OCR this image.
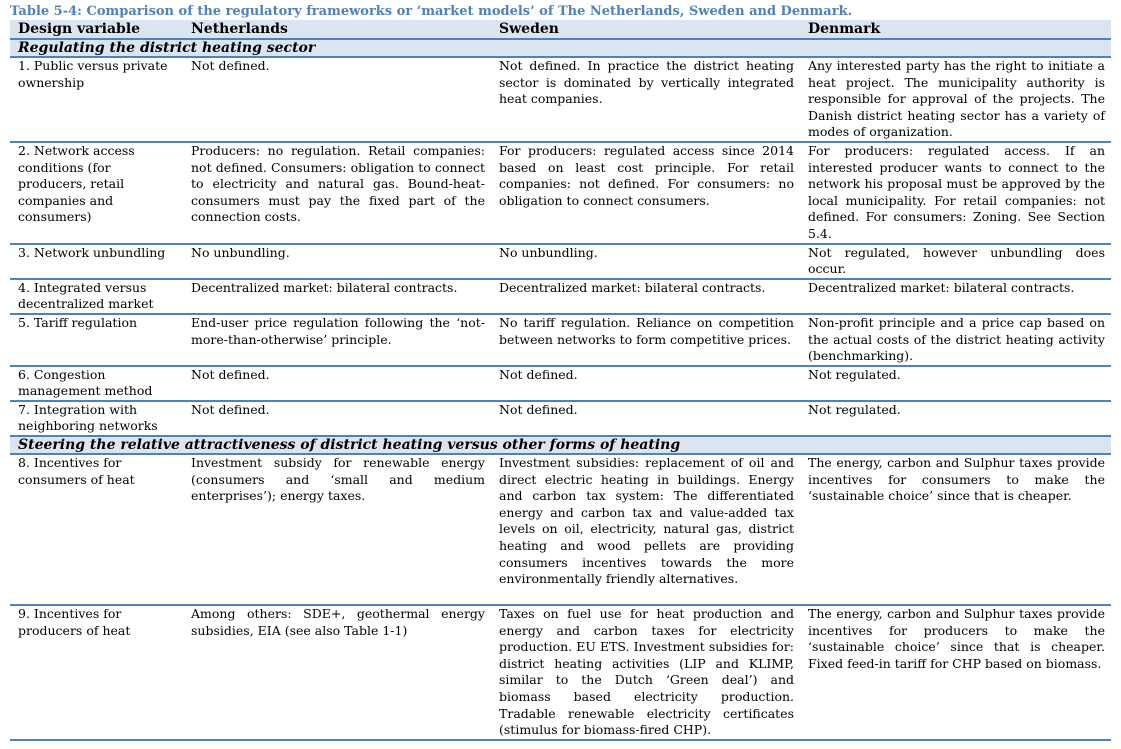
Table 5-4: Comparison of the regulatory frameworks or ‘market models’ of The Netherlands, Sweden and Denmark.
Design variable	Netherlands	Sweden	Denmark
Regulating the district heating sector			
1. Public versus private ownership	Not defined.	Not defined. In practice the district heating sector is dominated by vertically integrated heat companies.	Any interested party has the right to initiate a heat project. The municipality authority is responsible for approval of the projects. The Danish district heating sector has a variety of modes of organization.
2. Network access conditions (for producers, retail companies and consumers)	Producers: no regulation. Retail companies: not defined. Consumers: obligation to connect to electricity and natural gas. Bound-heat-consumers must pay the fixed part of the connection costs.	For producers: regulated access since 2014 based on least cost principle. For retail companies: not defined. For consumers: no obligation to connect consumers.	For producers: regulated access. If an interested producer wants to connect to the network his proposal must be approved by the local municipality. For retail companies: not defined. For consumers: Zoning. See Section 5.4.
3. Network unbundling	No unbundling.	No unbundling.	Not regulated, however unbundling does occur.
4. Integrated versus decentralized market	Decentralized market: bilateral contracts.	Decentralized market: bilateral contracts.	Decentralized market: bilateral contracts.
5. Tariff regulation	End-user price regulation following the ‘not-more-than-otherwise’ principle.	No tariff regulation. Reliance on competition between networks to form competitive prices.	Non-profit principle and a price cap based on the actual costs of the district heating activity (benchmarking).
6. Congestion management method	Not defined.	Not defined.	Not regulated.
7. Integration with neighboring networks	Not defined.	Not defined.	Not regulated.
Steering the relative attractiveness of district heating versus other forms of heating			
8. Incentives for consumers of heat	Investment subsidy for renewable energy (consumers and ‘small and medium enterprises’); energy taxes.	Investment subsidies: replacement of oil and direct electric heating in buildings. Energy and carbon tax system: The differentiated energy and carbon tax and value-added tax levels on oil, electricity, natural gas, district heating and wood pellets are providing consumers incentives towards the more environmentally friendly alternatives.	The energy, carbon and Sulphur taxes provide incentives for consumers to make the ‘sustainable choice’ since that is cheaper.
9. Incentives for producers of heat	Among others: SDE+, geothermal energy subsidies, EIA (see also Table 1-1)	Taxes on fuel use for heat production and energy and carbon taxes for electricity production. EU ETS. Investment subsidies for: district heating activities (LIP and KLIMP, similar to the Dutch ‘Green deal’) and biomass based electricity production. Tradable renewable electricity certificates (stimulus for biomass-fired CHP).	The energy, carbon and Sulphur taxes provide incentives for producers to make the ‘sustainable choice’ since that is cheaper. Fixed feed-in tariff for CHP based on biomass.
